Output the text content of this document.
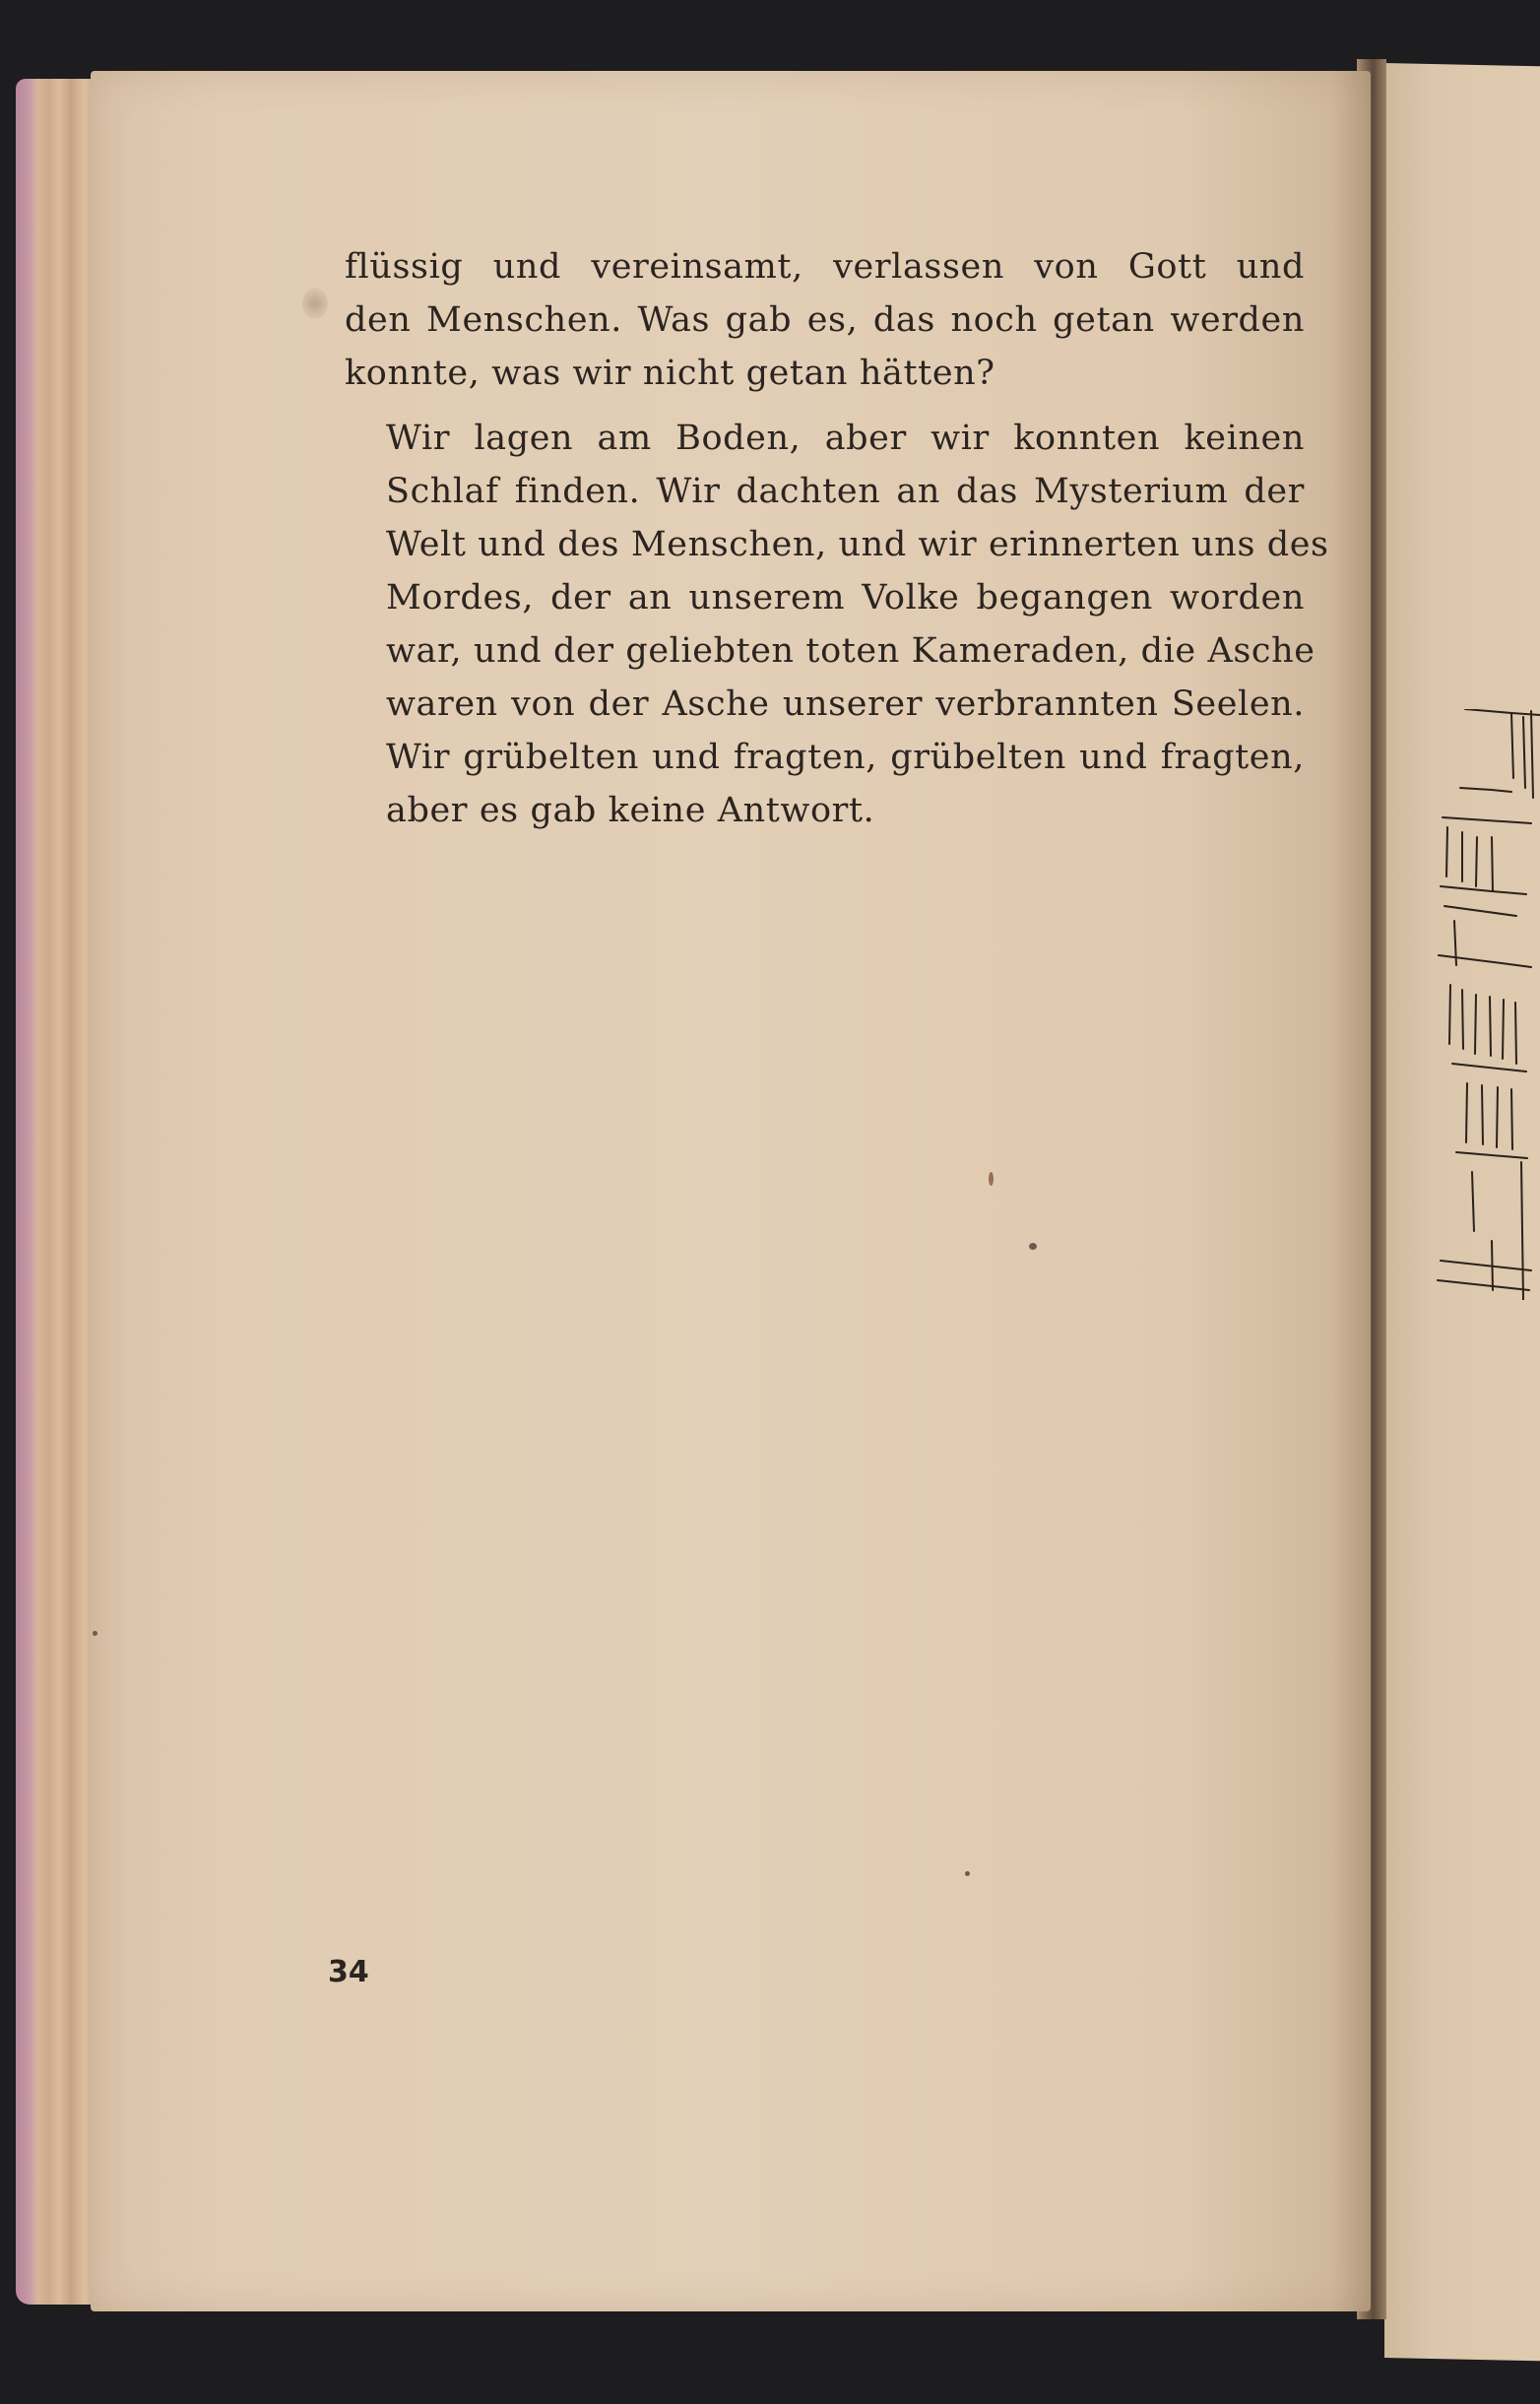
flüssig und vereinsamt, verlassen von Gott und
den Menschen. Was gab es, das noch getan werden
konnte, was wir nicht getan hätten?

Wir lagen am Boden, aber wir konnten keinen
Schlaf finden. Wir dachten an das Mysterium der
Welt und des Menschen, und wir erinnerten uns des
Mordes, der an unserem Volke begangen worden
war, und der geliebten toten Kameraden, die Asche
waren von der Asche unserer verbrannten Seelen.
Wir grübelten und fragten, grübelten und fragten,
aber es gab keine Antwort.

34
